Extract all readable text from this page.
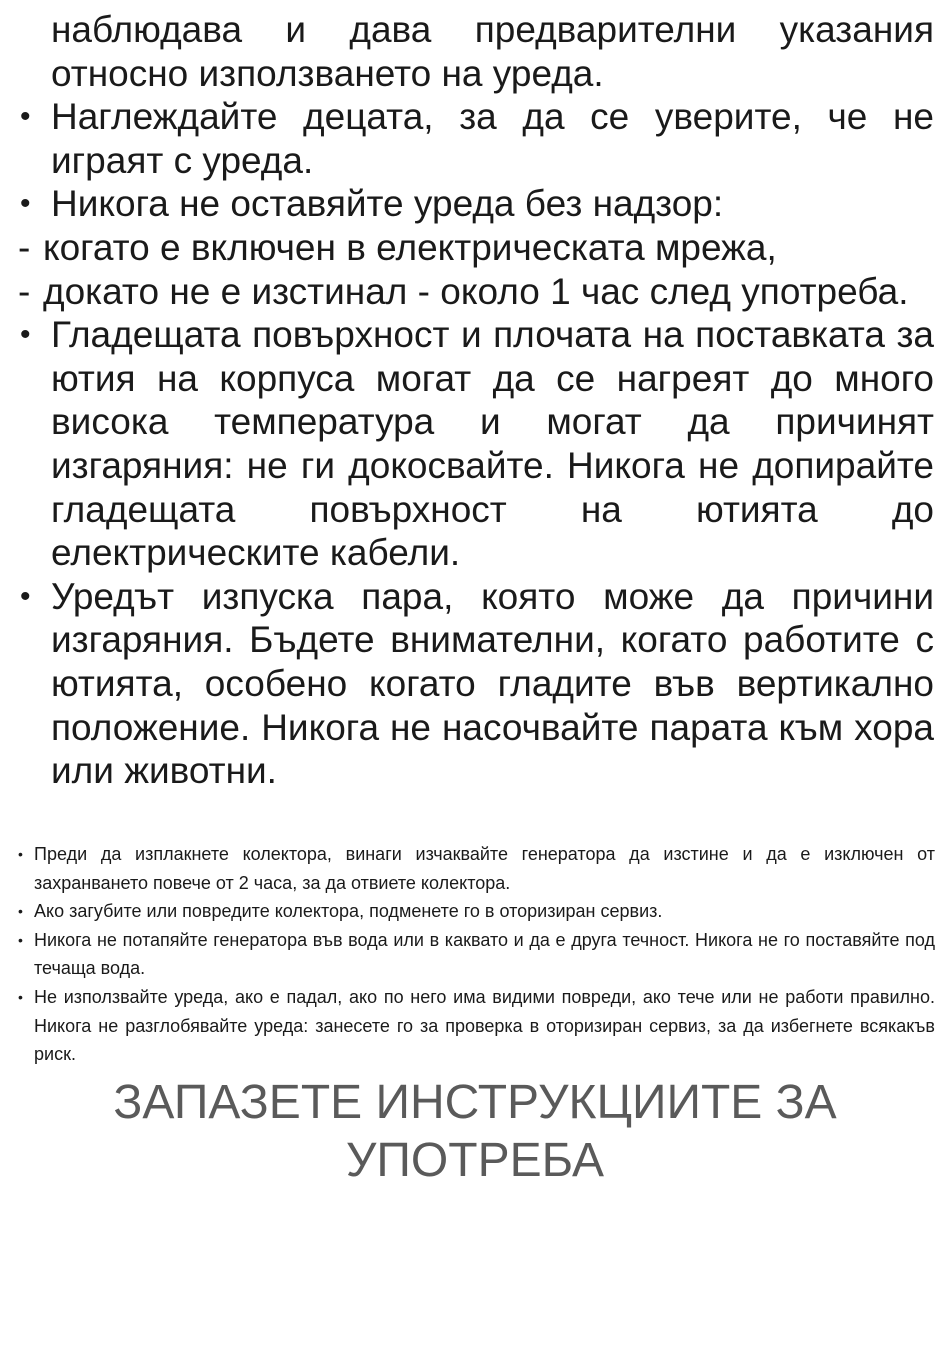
наблюдава и дава предварителни указания относно използването на уреда.

• Наглеждайте децата, за да се уверите, че не играят с уреда.

• Никога не оставяйте уреда без надзор:

- когато е включен в електрическата мрежа,

- докато не е изстинал - около 1 час след употреба.

• Гладещата повърхност и плочата на поставката за ютия на корпуса могат да се нагреят до много висока температура и могат да причинят изгаряния: не ги докосвайте. Никога не допирайте гладещата повърхност на ютията до електрическите кабели.

• Уредът изпуска пара, която може да причини изгаряния. Бъдете внимателни, когато работите с ютията, особено когато гладите във вертикално положение. Никога не насочвайте парата към хора или животни.

• Преди да изплакнете колектора, винаги изчаквайте генератора да изстине и да е изключен от захранването повече от 2 часа, за да отвиете колектора.

• Ако загубите или повредите колектора, подменете го в оторизиран сервиз.

• Никога не потапяйте генератора във вода или в каквато и да е друга течност. Никога не го поставяйте под течаща вода.

• Не използвайте уреда, ако е падал, ако по него има видими повреди, ако тече или не работи правилно. Никога не разглобявайте уреда: занесете го за проверка в оторизиран сервиз, за да избегнете всякакъв риск.

ЗАПАЗЕТЕ ИНСТРУКЦИИТЕ ЗА
УПОТРЕБА
